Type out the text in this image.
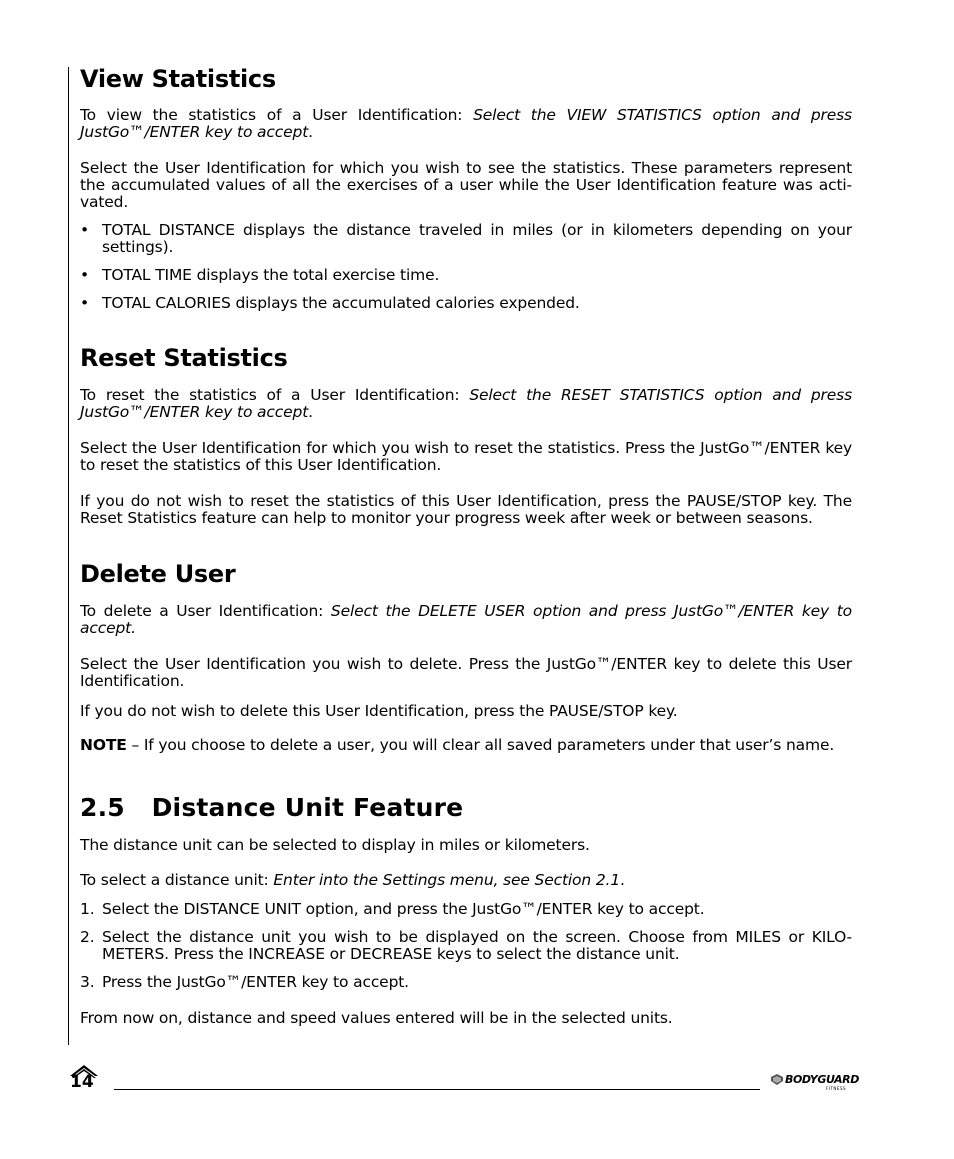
View Statistics

To view the statistics of a User Identification: Select the VIEW STATISTICS option and press JustGo™/ENTER key to accept.

Select the User Identification for which you wish to see the statistics. These parameters represent the accumulated values of all the exercises of a user while the User Identification feature was acti-vated.

• TOTAL DISTANCE displays the distance traveled in miles (or in kilometers depending on your settings).
• TOTAL TIME displays the total exercise time.
• TOTAL CALORIES displays the accumulated calories expended.
Reset Statistics

To reset the statistics of a User Identification: Select the RESET STATISTICS option and press JustGo™/ENTER key to accept.

Select the User Identification for which you wish to reset the statistics. Press the JustGo™/ENTER key to reset the statistics of this User Identification.

If you do not wish to reset the statistics of this User Identification, press the PAUSE/STOP key. The Reset Statistics feature can help to monitor your progress week after week or between seasons.

Delete User

To delete a User Identification: Select the DELETE USER option and press JustGo™/ENTER key to accept.

Select the User Identification you wish to delete. Press the JustGo™/ENTER key to delete this User Identification.

If you do not wish to delete this User Identification, press the PAUSE/STOP key.

NOTE – If you choose to delete a user, you will clear all saved parameters under that user’s name.

2.5   Distance Unit Feature

The distance unit can be selected to display in miles or kilometers.

To select a distance unit: Enter into the Settings menu, see Section 2.1.

1. Select the DISTANCE UNIT option, and press the JustGo™/ENTER key to accept.
2. Select the distance unit you wish to be displayed on the screen. Choose from MILES or KILO-METERS. Press the INCREASE or DECREASE keys to select the distance unit.
3. Press the JustGo™/ENTER key to accept.

From now on, distance and speed values entered will be in the selected units.

14	BODYGUARD
FITNESS
